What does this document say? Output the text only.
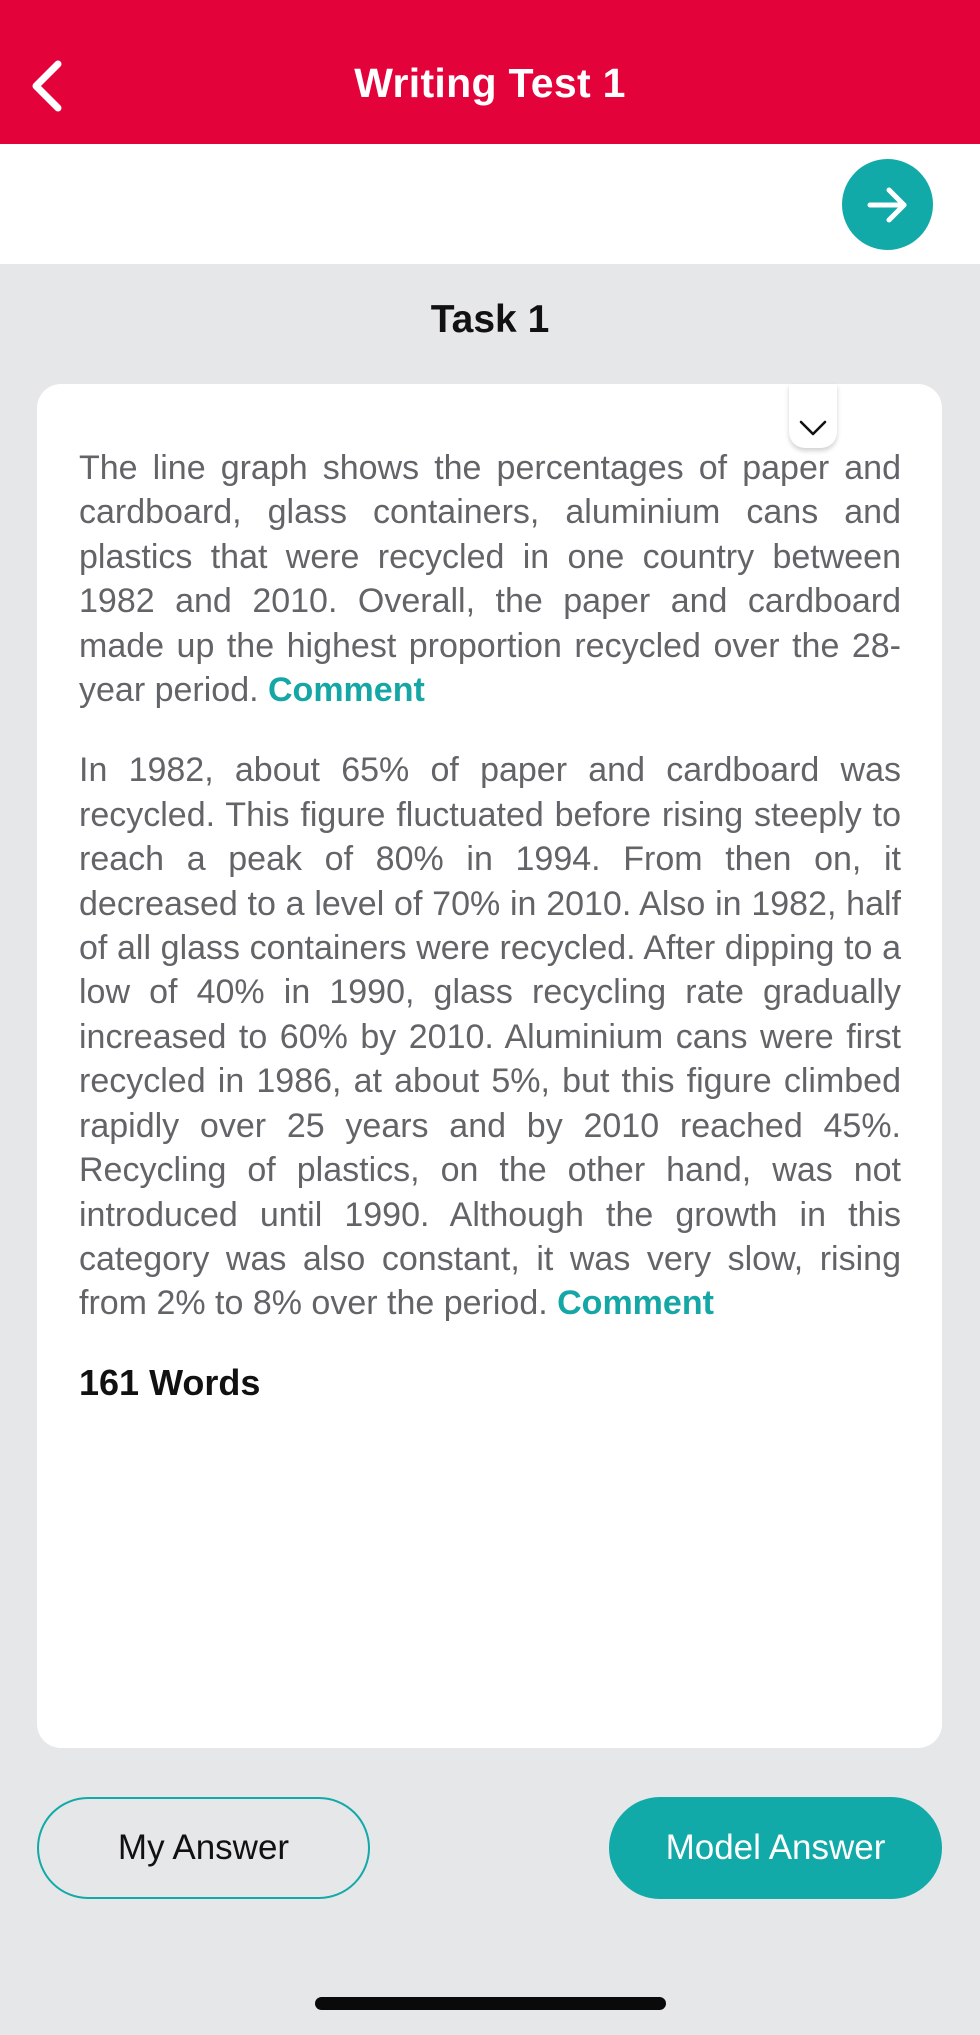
Writing Test 1
Task 1

The line graph shows the percentages of paper and cardboard, glass containers, aluminium cans and plastics that were recycled in one country between 1982 and 2010. Overall, the paper and cardboard made up the highest proportion recycled over the 28-year period. Comment

In 1982, about 65% of paper and cardboard was recycled. This figure fluctuated before rising steeply to reach a peak of 80% in 1994. From then on, it decreased to a level of 70% in 2010. Also in 1982, half of all glass containers were recycled. After dipping to a low of 40% in 1990, glass recycling rate gradually increased to 60% by 2010. Aluminium cans were first recycled in 1986, at about 5%, but this figure climbed rapidly over 25 years and by 2010 reached 45%. Recycling of plastics, on the other hand, was not introduced until 1990. Although the growth in this category was also constant, it was very slow, rising from 2% to 8% over the period. Comment

161 Words
My Answer	Model Answer
